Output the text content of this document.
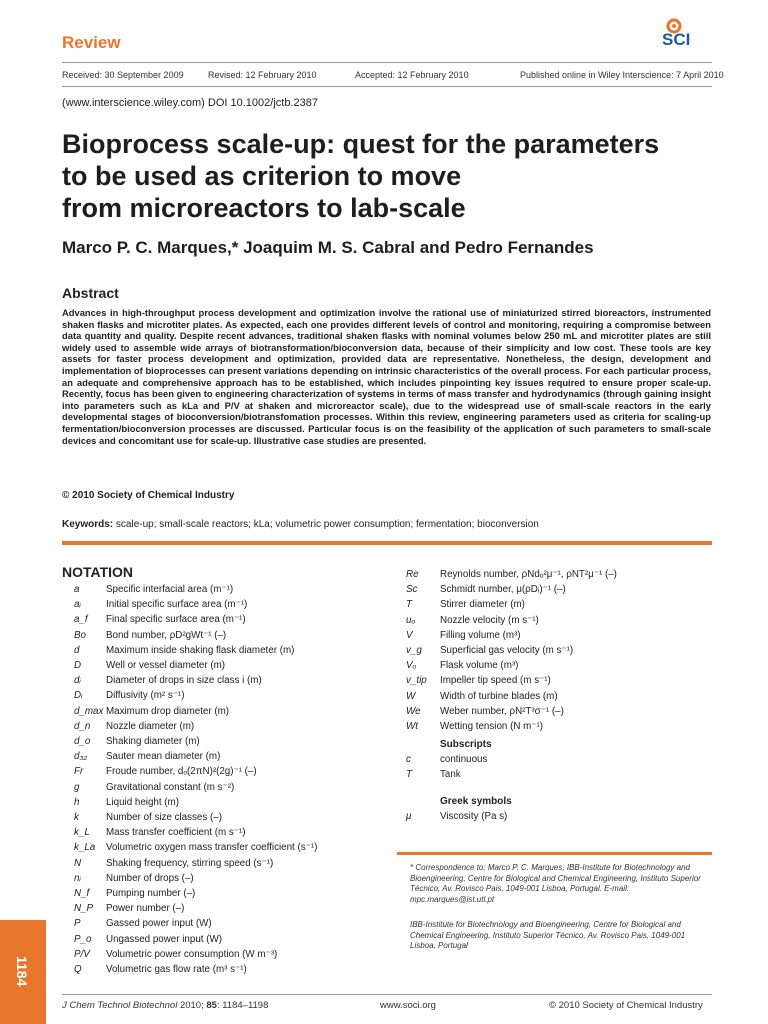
Review	SCI
Received: 30 September 2009	Revised: 12 February 2010	Accepted: 12 February 2010	Published online in Wiley Interscience: 7 April 2010
(www.interscience.wiley.com) DOI 10.1002/jctb.2387
Bioprocess scale-up: quest for the parameters
to be used as criterion to move
from microreactors to lab-scale
Marco P. C. Marques,* Joaquim M. S. Cabral and Pedro Fernandes
Abstract
Advances in high-throughput process development and optimization involve the rational use of miniaturized stirred bioreactors, instrumented shaken flasks and microtiter plates. As expected, each one provides different levels of control and monitoring, requiring a compromise between data quantity and quality. Despite recent advances, traditional shaken flasks with nominal volumes below 250 mL and microtiter plates are still widely used to assemble wide arrays of biotransformation/bioconversion data, because of their simplicity and low cost. These tools are key assets for faster process development and optimization, provided data are representative. Nonetheless, the design, development and implementation of bioprocesses can present variations depending on intrinsic characteristics of the overall process. For each particular process, an adequate and comprehensive approach has to be established, which includes pinpointing key issues required to ensure proper scale-up. Recently, focus has been given to engineering characterization of systems in terms of mass transfer and hydrodynamics (through gaining insight into parameters such as kLa and P/V at shaken and microreactor scale), due to the widespread use of small-scale reactors in the early developmental stages of bioconversion/biotransfomation processes. Within this review, engineering parameters used as criteria for scaling-up fermentation/bioconversion processes are discussed. Particular focus is on the feasibility of the application of such parameters to small-scale devices and concomitant use for scale-up. Illustrative case studies are presented.
© 2010 Society of Chemical Industry
Keywords: scale-up; small-scale reactors; kLa; volumetric power consumption; fermentation; bioconversion
NOTATION
a	Specific interfacial area (m⁻¹)
aᵢ	Initial specific surface area (m⁻¹)
a_f Final specific surface area (m⁻¹)
Bo Bond number, ρD²gWt⁻¹ (–)
d	Maximum inside shaking flask diameter (m)
D	Well or vessel diameter (m)
dᵢ	Diameter of drops in size class i (m)
Dᵢ Diffusivity (m² s⁻¹)
d_max Maximum drop diameter (m)
d_n Nozzle diameter (m)
d_o Shaking diameter (m)
d₃₂ Sauter mean diameter (m)
Fr Froude number, dₒ(2πN)²(2g)⁻¹ (–)
g	Gravitational constant (m s⁻²)
h	Liquid height (m)
k	Number of size classes (–)
k_L Mass transfer coefficient (m s⁻¹)
k_La Volumetric oxygen mass transfer coefficient (s⁻¹)
N	Shaking frequency, stirring speed (s⁻¹)
nᵢ	Number of drops (–)
N_f Pumping number (–)
N_P Power number (–)
P	Gassed power input (W)
P_o Ungassed power input (W)
P/V Volumetric power consumption (W m⁻³)
Q Volumetric gas flow rate (m³ s⁻¹)
Re Reynolds number, ρNdₒ²μ⁻¹, ρNT²μ⁻¹ (–)
Sc Schmidt number, μ(ρDᵢ)⁻¹ (–)
T	Stirrer diameter (m)
uₒ	Nozzle velocity (m s⁻¹)
V	Filling volume (m³)
v_g Superficial gas velocity (m s⁻¹)
Vₒ Flask volume (m³)
v_tip Impeller tip speed (m s⁻¹)
W	Width of turbine blades (m)
We Weber number, ρN²T³σ⁻¹ (–)
Wt Wetting tension (N m⁻¹)
Subscripts
c	continuous
T	Tank
Greek symbols
μ	Viscosity (Pa s)
* Correspondence to: Marco P. C. Marques, IBB-Institute for Biotechnology and Bioengineering, Centre for Biological and Chemical Engineering, Instituto Superior Técnico, Av. Rovisco Pais, 1049-001 Lisboa, Portugal. E-mail: mpc.marques@ist.utl.pt
IBB-Institute for Biotechnology and Bioengineering, Centre for Biological and Chemical Engineering, Instituto Superior Técnico, Av. Rovisco Pais, 1049-001 Lisboa, Portugal
1184
J Chem Technol Biotechnol 2010; 85: 1184–1198	www.soci.org	© 2010 Society of Chemical Industry
